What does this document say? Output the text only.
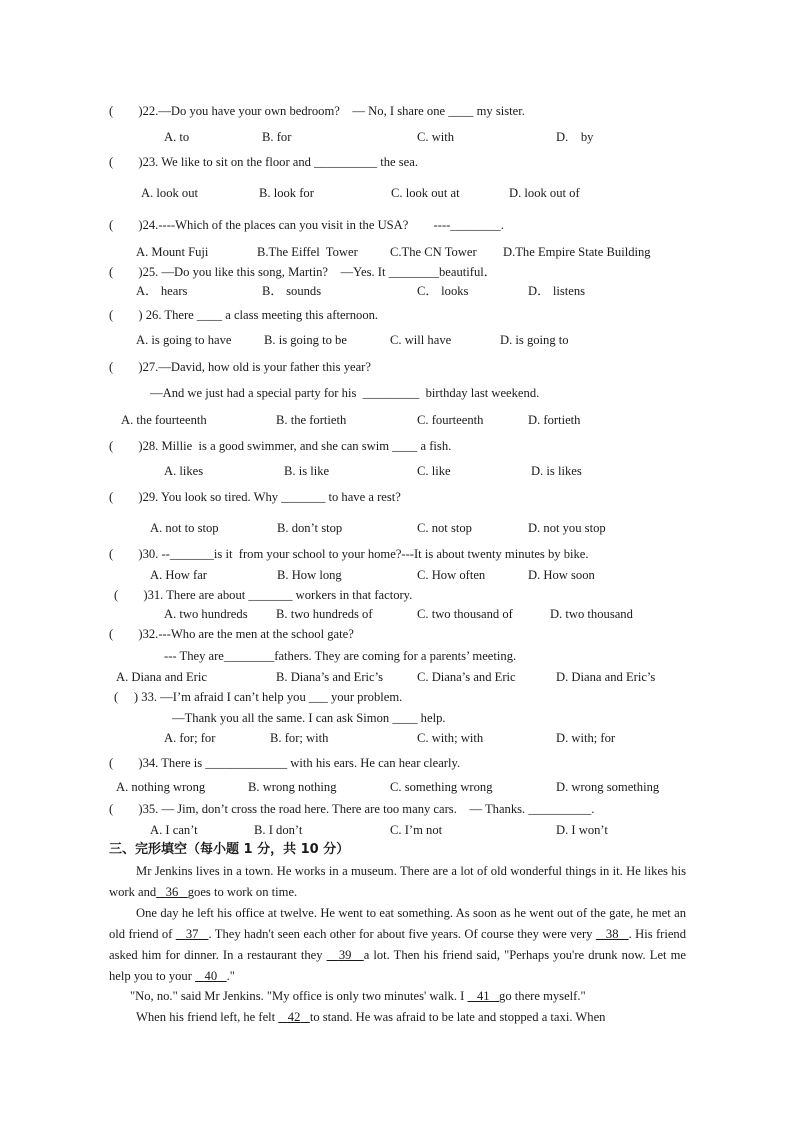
(        )22.—Do you have your own bedroom?    — No, I share one ____ my sister.
A. to	B. for	C. with	D.    by
(        )23. We like to sit on the floor and __________ the sea.
A. look out	B. look for	C. look out at	D. look out of
(        )24.----Which of the places can you visit in the USA?        ----________.
A. Mount Fuji	B.The Eiffel  Tower	C.The CN Tower D.The Empire State Building
(        )25. —Do you like this song, Martin?    —Yes. It ________beautiful．
A． hears	B． sounds	C． looks	D． listens
(        ) 26. There ____ a class meeting this afternoon.
A. is going to have	B. is going to be	C. will have	D. is going to
(        )27.—David, how old is your father this year?
—And we just had a special party for his  _________  birthday last weekend.
A. the fourteenth	B. the fortieth	C. fourteenth	D. fortieth
(        )28. Millie  is a good swimmer, and she can swim ____ a fish.
A. likes	B. is like	C. like	D. is likes
(        )29. You look so tired. Why _______ to have a rest?
A. not to stop	B. don’t stop	C. not stop	D. not you stop
(        )30. --_______is it  from your school to your home?---It is about twenty minutes by bike.
A. How far	B. How long	C. How often	D. How soon
(        )31. There are about _______ workers in that factory.
A. two hundreds B. two hundreds of	C. two thousand of	D. two thousand
(        )32.---Who are the men at the school gate?
--- They are________fathers. They are coming for a parents’ meeting.
A. Diana and Eric	B. Diana’s and Eric’s	C. Diana’s and Eric	D. Diana and Eric’s
(     ) 33. —I’m afraid I can’t help you ___ your problem.
—Thank you all the same. I can ask Simon ____ help.
A. for; for	B. for; with	C. with; with	D. with; for
(        )34. There is _____________ with his ears. He can hear clearly.
A. nothing wrong	B. wrong nothing	C. something wrong	D. wrong something
(        )35. — Jim, don’t cross the road here. There are too many cars.    — Thanks. __________.
A. I can’t	B. I don’t	C. I’m not	D. I won’t
三、完形填空（每小题 1 分，共 10 分）
Mr Jenkins lives in a town. He works in a museum. There are a lot of old wonderful things in it. He likes his work and 36 goes to work on time.
One day he left his office at twelve. He went to eat something. As soon as he went out of the gate, he met an old friend of    37 . They hadn't seen each other for about five years. Of course they were very    38 . His friend asked him for dinner. In a restaurant they    39 a lot. Then his friend said, "Perhaps you're drunk now. Let me help you to your    40 ."
"No, no." said Mr Jenkins. "My office is only two minutes' walk. I    41 go there myself."
When his friend left, he felt    42 to stand. He was afraid to be late and stopped a taxi. When
